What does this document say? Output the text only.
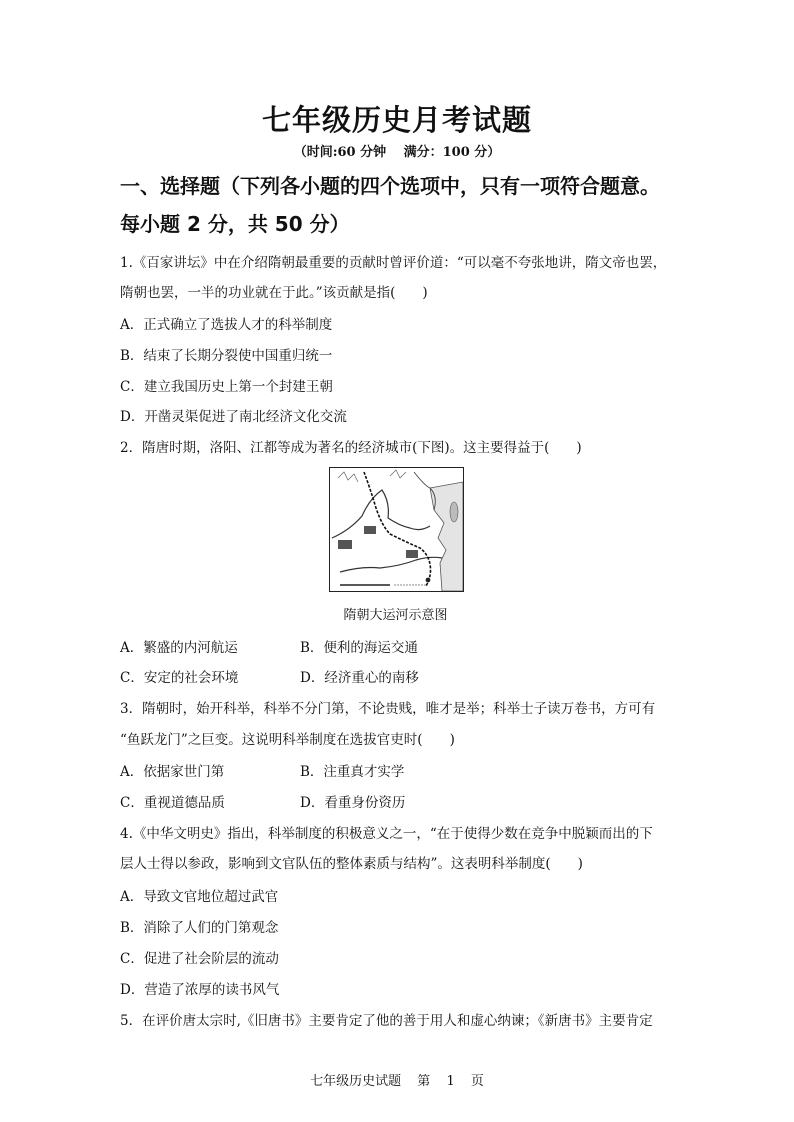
七年级历史月考试题
（时间:60 分钟　 满分：100 分）
一、选择题（下列各小题的四个选项中，只有一项符合题意。
每小题 2 分，共 50 分）
1.《百家讲坛》中在介绍隋朝最重要的贡献时曾评价道：“可以毫不夸张地讲，隋文帝也罢，
隋朝也罢，一半的功业就在于此。”该贡献是指(　　)
A．正式确立了选拔人才的科举制度
B．结束了长期分裂使中国重归统一
C．建立我国历史上第一个封建王朝
D．开凿灵渠促进了南北经济文化交流
2．隋唐时期，洛阳、江都等成为著名的经济城市(下图)。这主要得益于(　　)
隋朝大运河示意图
A．繁盛的内河航运	B．便利的海运交通
C．安定的社会环境	D．经济重心的南移
3．隋朝时，始开科举，科举不分门第，不论贵贱，唯才是举；科举士子读万卷书，方可有
“鱼跃龙门”之巨变。这说明科举制度在选拔官吏时(　　)
A．依据家世门第	B．注重真才实学
C．重视道德品质	D．看重身份资历
4.《中华文明史》指出，科举制度的积极意义之一，“在于使得少数在竞争中脱颖而出的下
层人士得以参政，影响到文官队伍的整体素质与结构”。这表明科举制度(　　)
A．导致文官地位超过武官
B．消除了人们的门第观念
C．促进了社会阶层的流动
D．营造了浓厚的读书风气
5．在评价唐太宗时,《旧唐书》主要肯定了他的善于用人和虚心纳谏；《新唐书》主要肯定
七年级历史试题 第 1 页
